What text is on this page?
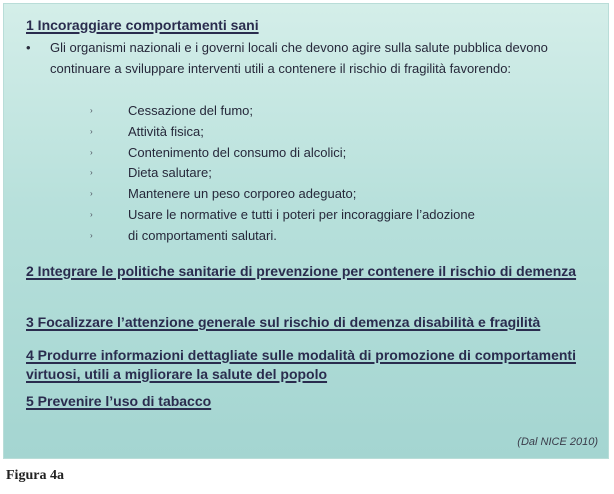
1 Incoraggiare comportamenti sani
• Gli organismi nazionali e i governi locali che devono agire sulla salute pubblica devono continuare a sviluppare interventi utili a contenere il rischio di fragilità favorendo:
›	Cessazione del fumo;
›	Attività fisica;
›	Contenimento del consumo di alcolici;
›	Dieta salutare;
›	Mantenere un peso corporeo adeguato;
›	Usare le normative e tutti i poteri per incoraggiare l’adozione
›	di comportamenti salutari.
2 Integrare le politiche sanitarie di prevenzione per contenere il rischio di demenza
3 Focalizzare l’attenzione generale sul rischio di demenza disabilità e fragilità
4 Produrre informazioni dettagliate sulle modalità di promozione di comportamenti virtuosi, utili a migliorare la salute del popolo
5 Prevenire l’uso di tabacco
(Dal NICE 2010)
Figura 4a
